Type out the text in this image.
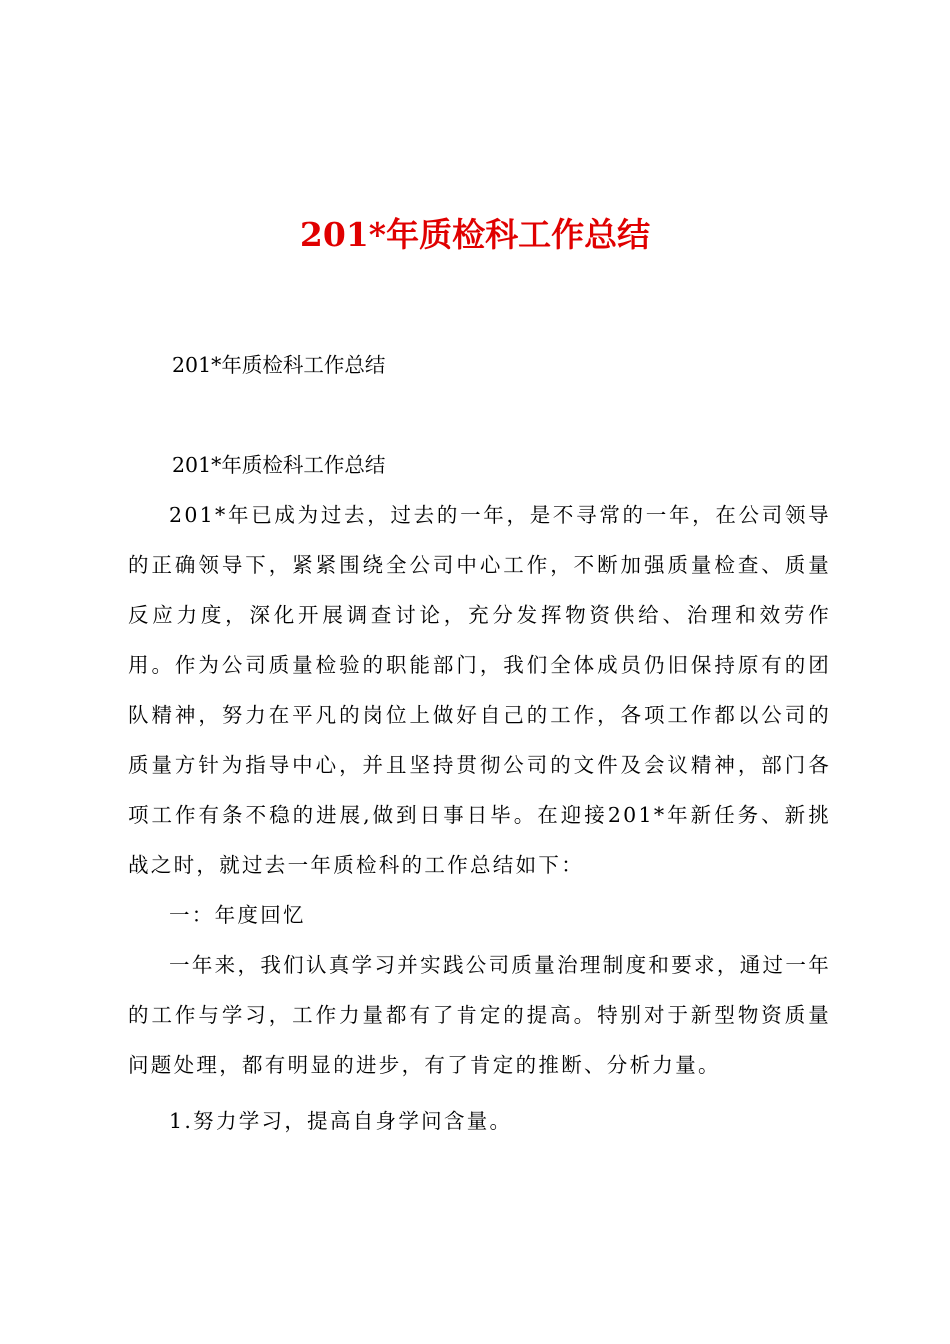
201*年质检科工作总结

201*年质检科工作总结

201*年质检科工作总结

201*年已成为过去，过去的一年，是不寻常的一年，在公司领导的正确领导下，紧紧围绕全公司中心工作，不断加强质量检查、质量反应力度，深化开展调查讨论，充分发挥物资供给、治理和效劳作用。作为公司质量检验的职能部门，我们全体成员仍旧保持原有的团队精神，努力在平凡的岗位上做好自己的工作，各项工作都以公司的质量方针为指导中心，并且坚持贯彻公司的文件及会议精神，部门各项工作有条不稳的进展,做到日事日毕。在迎接201*年新任务、新挑战之时，就过去一年质检科的工作总结如下：

一：年度回忆

一年来，我们认真学习并实践公司质量治理制度和要求，通过一年的工作与学习，工作力量都有了肯定的提高。特别对于新型物资质量问题处理，都有明显的进步，有了肯定的推断、分析力量。

1.努力学习，提高自身学问含量。
